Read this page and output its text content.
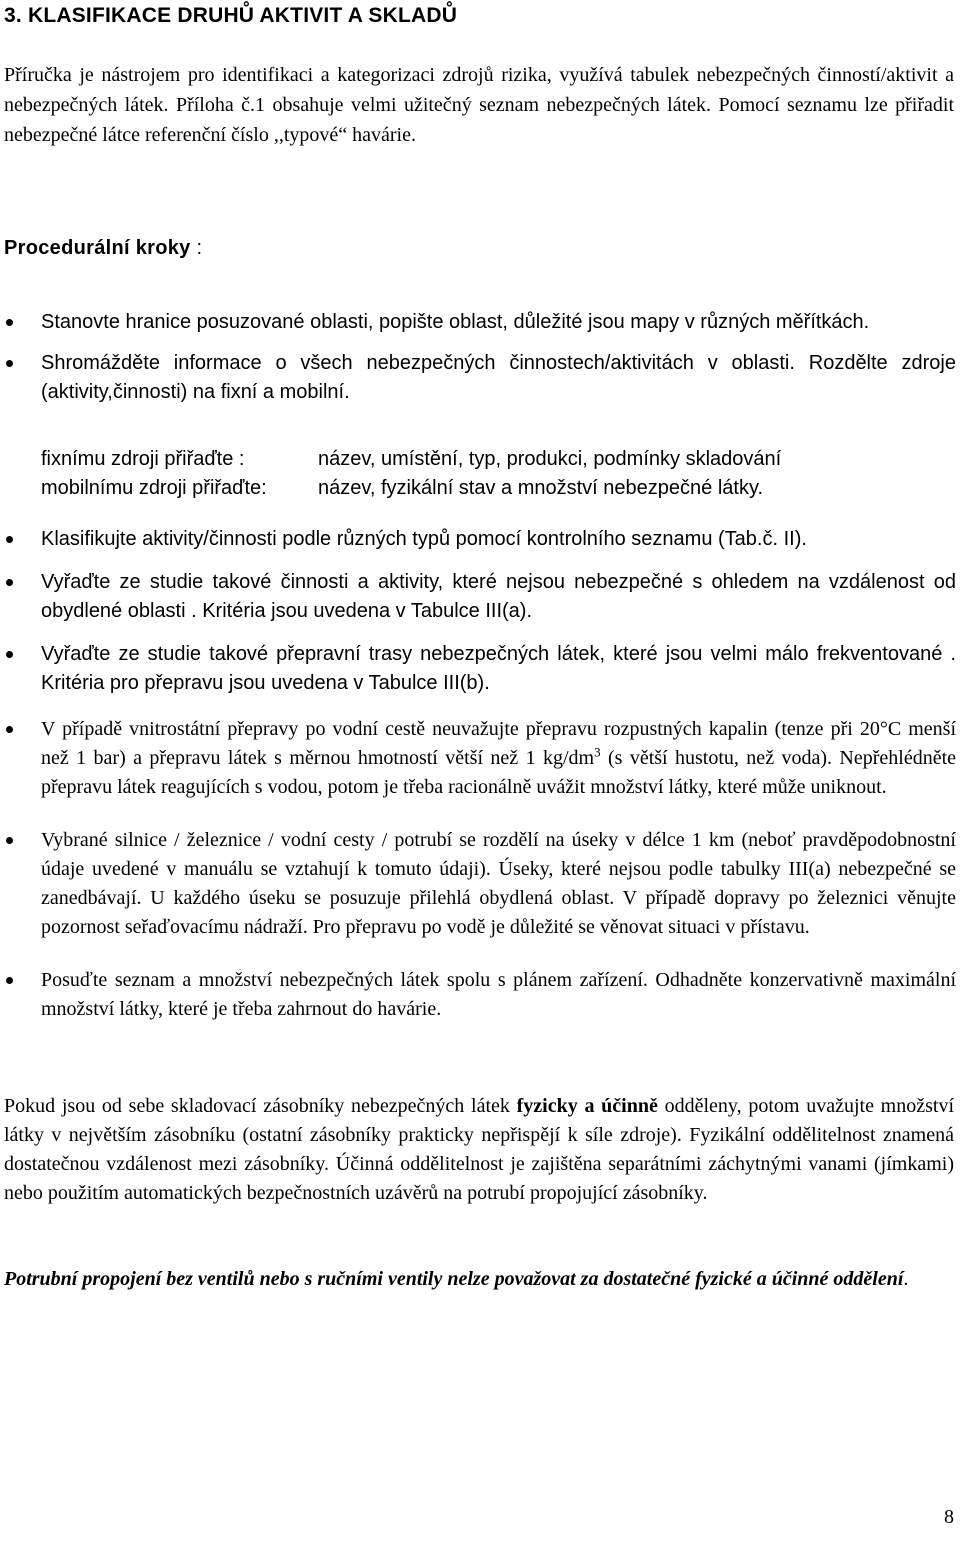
3. KLASIFIKACE DRUHŮ AKTIVIT A SKLADŮ

Příručka je nástrojem pro identifikaci a kategorizaci zdrojů rizika, využívá tabulek nebezpečných činností/aktivit a nebezpečných látek. Příloha č.1 obsahuje velmi užitečný seznam nebezpečných látek. Pomocí seznamu lze přiřadit nebezpečné látce referenční číslo ,,typové“ havárie.

Procedurální kroky :

Stanovte hranice posuzované oblasti, popište oblast, důležité jsou mapy v různých měřítkách.
Shromážděte informace o všech nebezpečných činnostech/aktivitách v oblasti. Rozdělte zdroje (aktivity,činnosti) na fixní a mobilní.
fixnímu zdroji přiřaďte :	název, umístění, typ, produkci, podmínky skladování
mobilnímu zdroji přiřaďte:	název, fyzikální stav a množství nebezpečné látky.
Klasifikujte aktivity/činnosti podle různých typů pomocí kontrolního seznamu (Tab.č. II).
Vyřaďte ze studie takové činnosti a aktivity, které nejsou nebezpečné s ohledem na vzdálenost od obydlené oblasti . Kritéria jsou uvedena v Tabulce III(a).
Vyřaďte ze studie takové přepravní trasy nebezpečných látek, které jsou velmi málo frekventované . Kritéria pro přepravu jsou uvedena v Tabulce III(b).
V případě vnitrostátní přepravy po vodní cestě neuvažujte přepravu rozpustných kapalin (tenze při 20°C menší než 1 bar) a přepravu látek s měrnou hmotností větší než 1 $kg/dm^3$ (s větší hustotu, než voda). Nepřehlédněte přepravu látek reagujících s vodou, potom je třeba racionálně uvážit množství látky, které může uniknout.
Vybrané silnice / železnice / vodní cesty / potrubí se rozdělí na úseky v délce 1 km (neboť pravděpodobnostní údaje uvedené v manuálu se vztahují k tomuto údaji). Úseky, které nejsou podle tabulky III(a) nebezpečné se zanedbávají. U každého úseku se posuzuje přilehlá obydlená oblast. V případě dopravy po železnici věnujte pozornost seřaďovacímu nádraží. Pro přepravu po vodě je důležité se věnovat situaci v přístavu.
Posuďte seznam a množství nebezpečných látek spolu s plánem zařízení. Odhadněte konzervativně maximální množství látky, které je třeba zahrnout do havárie.

Pokud jsou od sebe skladovací zásobníky nebezpečných látek fyzicky a účinně odděleny, potom uvažujte množství látky v největším zásobníku (ostatní zásobníky prakticky nepřispějí k síle zdroje). Fyzikální oddělitelnost znamená dostatečnou vzdálenost mezi zásobníky. Účinná oddělitelnost je zajištěna separátními záchytnými vanami (jímkami) nebo použitím automatických bezpečnostních uzávěrů na potrubí propojující zásobníky.

Potrubní propojení bez ventilů nebo s ručními ventily nelze považovat za dostatečné fyzické a účinné oddělení.

8
